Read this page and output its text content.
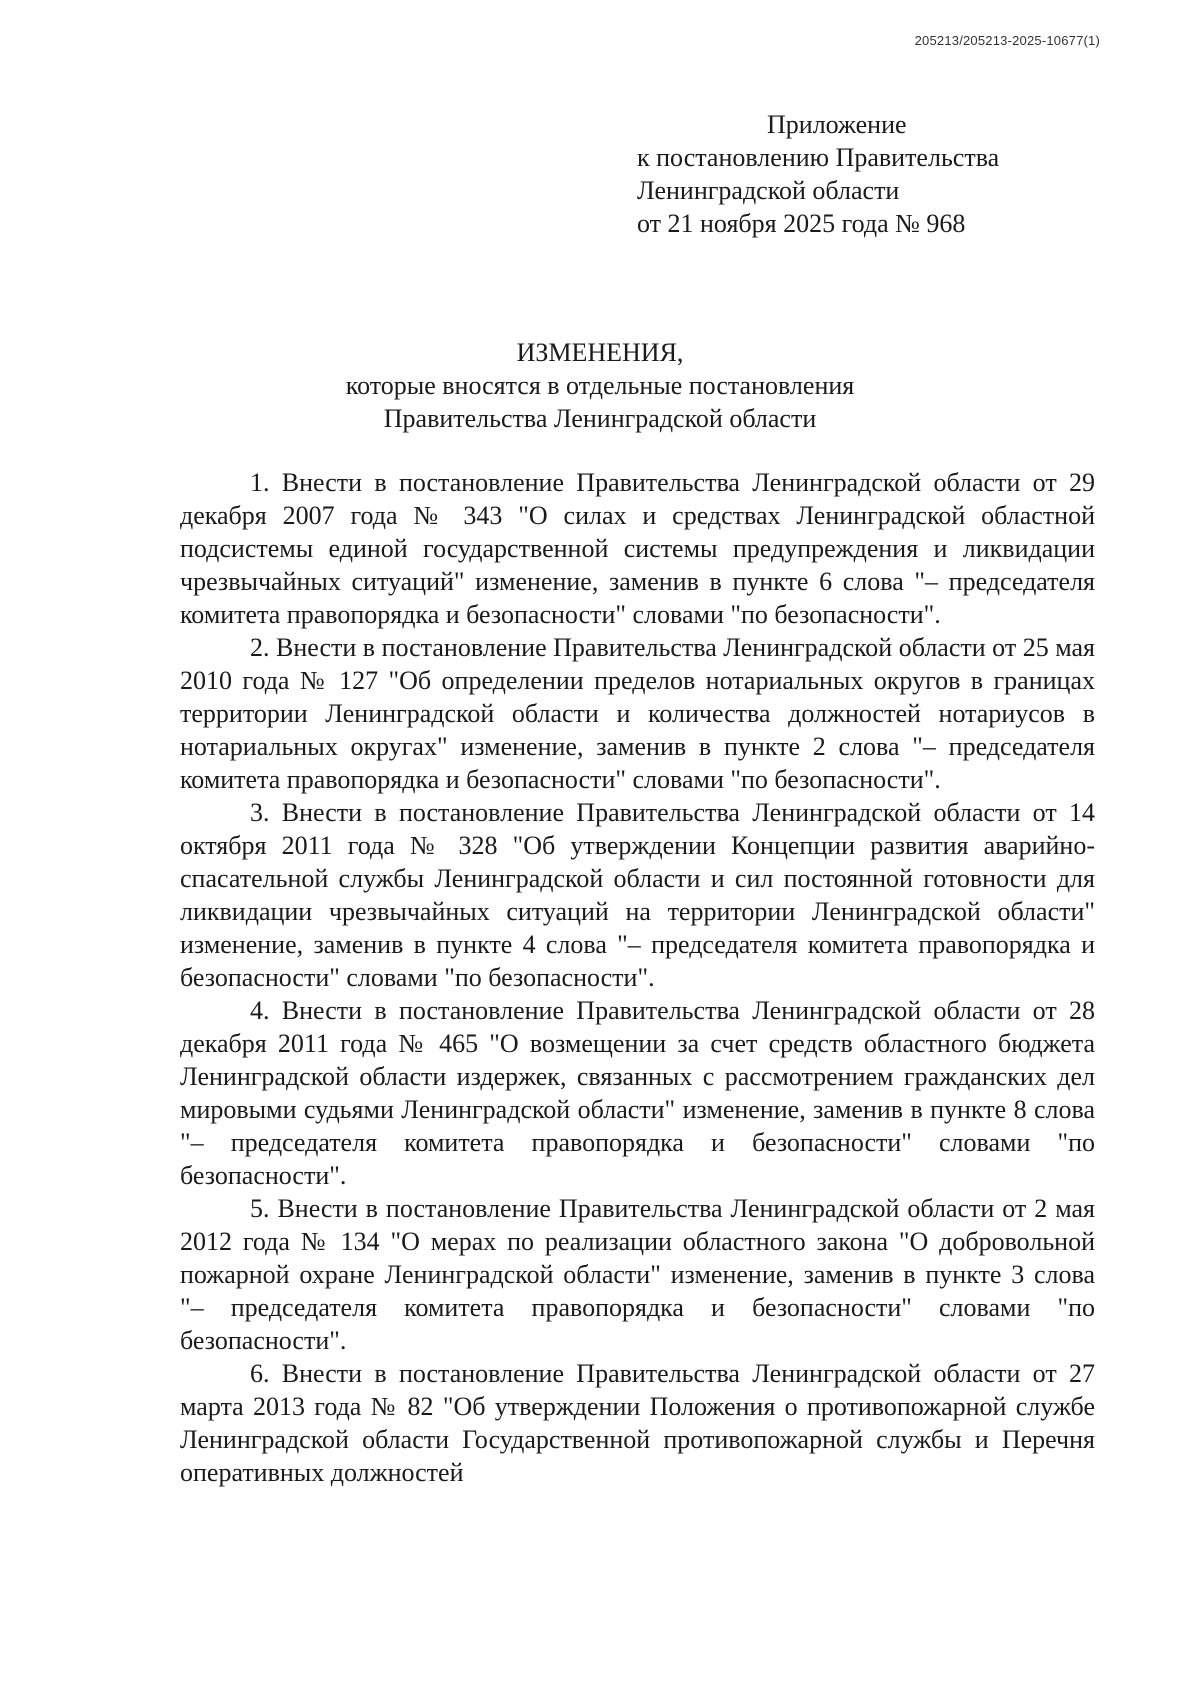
205213/205213-2025-10677(1)
Приложение
к постановлению Правительства
Ленинградской области
от 21 ноября 2025 года № 968
ИЗМЕНЕНИЯ,
которые вносятся в отдельные постановления
Правительства Ленинградской области

1. Внести в постановление Правительства Ленинградской области от 29 декабря 2007 года № 343 "О силах и средствах Ленинградской областной подсистемы единой государственной системы предупреждения и ликвидации чрезвычайных ситуаций" изменение, заменив в пункте 6 слова "– председателя комитета правопорядка и безопасности" словами "по безопасности".

2. Внести в постановление Правительства Ленинградской области от 25 мая 2010 года № 127 "Об определении пределов нотариальных округов в границах территории Ленинградской области и количества должностей нотариусов в нотариальных округах" изменение, заменив в пункте 2 слова "– председателя комитета правопорядка и безопасности" словами "по безопасности".

3. Внести в постановление Правительства Ленинградской области от 14 октября 2011 года № 328 "Об утверждении Концепции развития аварийно-спасательной службы Ленинградской области и сил постоянной готовности для ликвидации чрезвычайных ситуаций на территории Ленинградской области" изменение, заменив в пункте 4 слова "– председателя комитета правопорядка и безопасности" словами "по безопасности".

4. Внести в постановление Правительства Ленинградской области от 28 декабря 2011 года № 465 "О возмещении за счет средств областного бюджета Ленинградской области издержек, связанных с рассмотрением гражданских дел мировыми судьями Ленинградской области" изменение, заменив в пункте 8 слова "– председателя комитета правопорядка и безопасности" словами "по безопасности".

5. Внести в постановление Правительства Ленинградской области от 2 мая 2012 года № 134 "О мерах по реализации областного закона "О добровольной пожарной охране Ленинградской области" изменение, заменив в пункте 3 слова "– председателя комитета правопорядка и безопасности" словами "по безопасности".

6. Внести в постановление Правительства Ленинградской области от 27 марта 2013 года № 82 "Об утверждении Положения о противопожарной службе Ленинградской области Государственной противопожарной службы и Перечня оперативных должностей
